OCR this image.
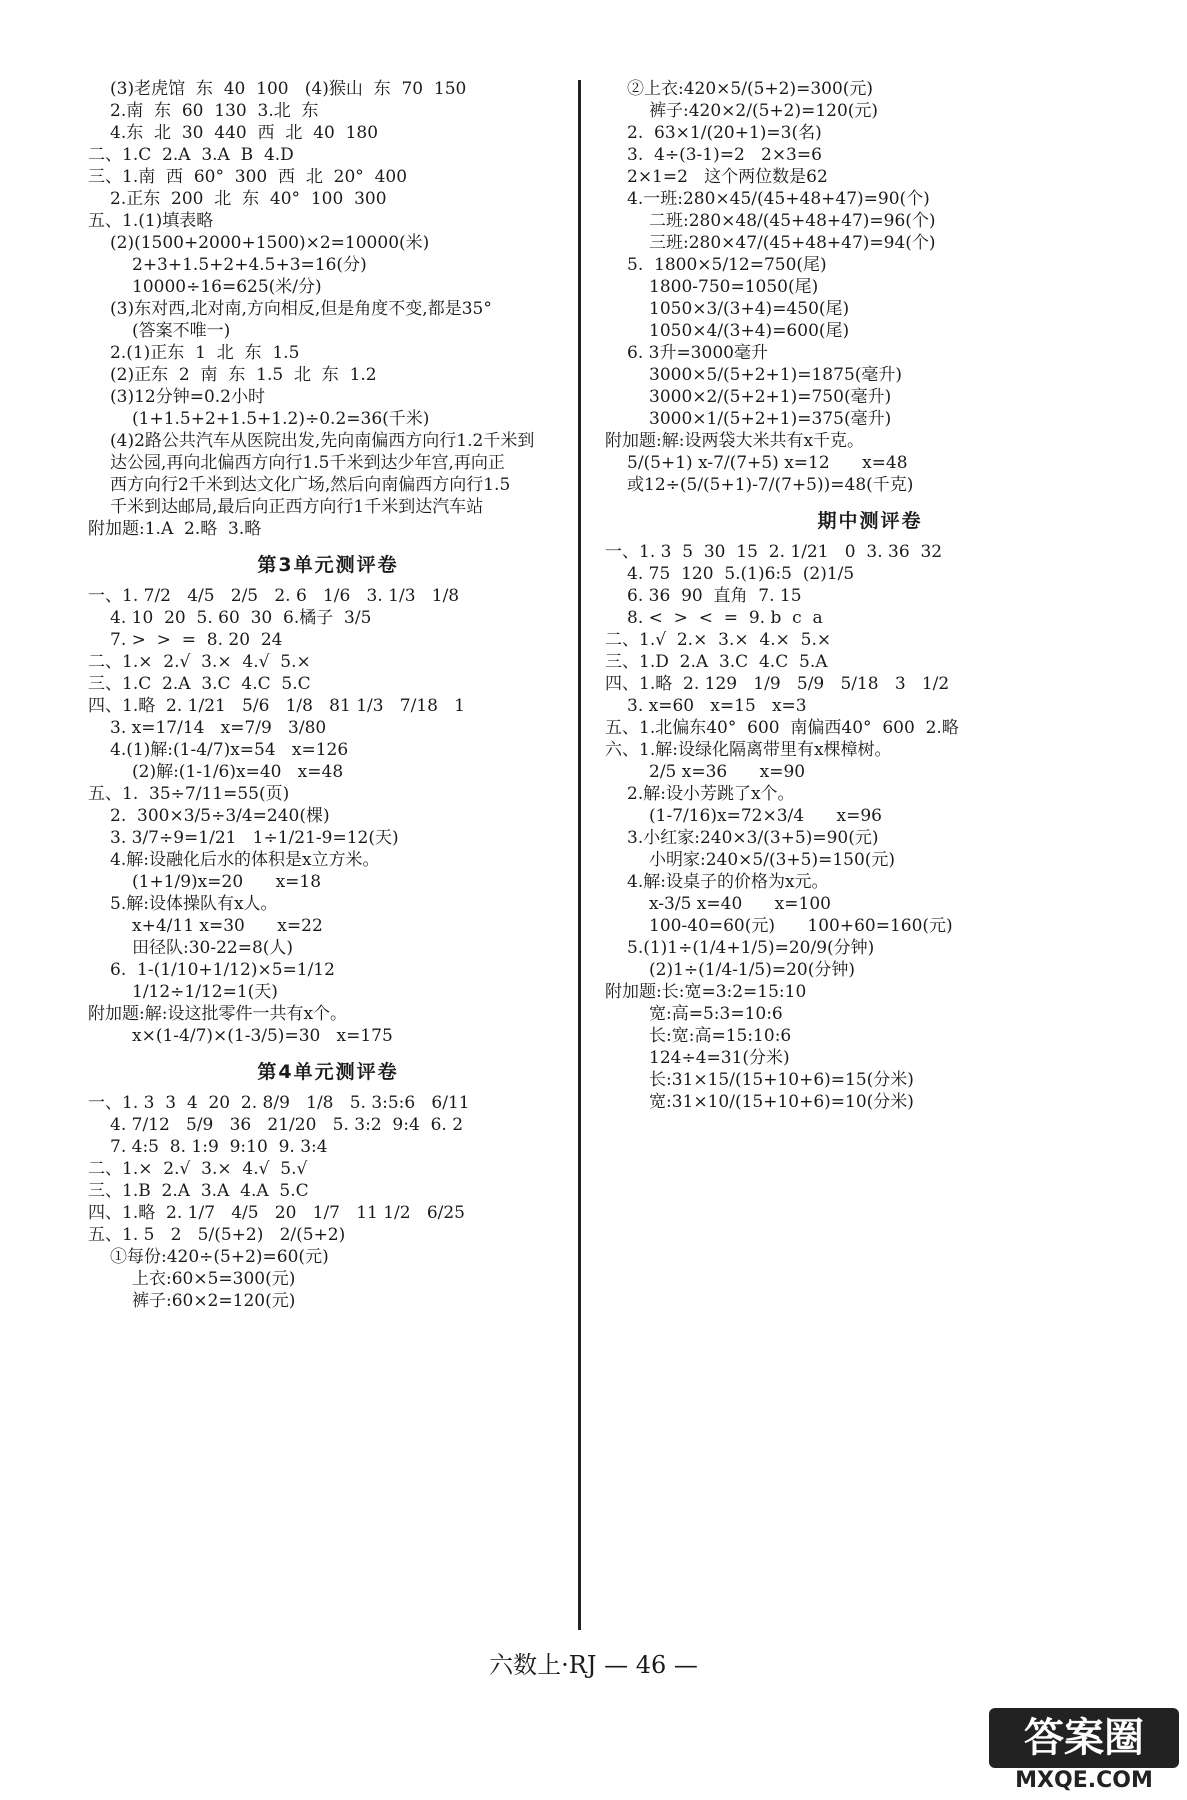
(3)老虎馆  东  40  100   (4)猴山  东  70  150
2.南  东  60  130  3.北  东
4.东  北  30  440  西  北  40  180
二、1.C  2.A  3.A  B  4.D
三、1.南  西  60°  300  西  北  20°  400
2.正东  200  北  东  40°  100  300
五、1.(1)填表略
(2)(1500+2000+1500)×2=10000(米)
2+3+1.5+2+4.5+3=16(分)
10000÷16=625(米/分)
(3)东对西,北对南,方向相反,但是角度不变,都是35°
(答案不唯一)
2.(1)正东  1  北  东  1.5
(2)正东  2  南  东  1.5  北  东  1.2
(3)12分钟=0.2小时
(1+1.5+2+1.5+1.2)÷0.2=36(千米)
(4)2路公共汽车从医院出发,先向南偏西方向行1.2千米到
达公园,再向北偏西方向行1.5千米到达少年宫,再向正
西方向行2千米到达文化广场,然后向南偏西方向行1.5
千米到达邮局,最后向正西方向行1千米到达汽车站
附加题:1.A  2.略  3.略
第3单元测评卷
一、1. 7/2   4/5   2/5   2. 6   1/6   3. 1/3   1/8
4. 10  20  5. 60  30  6.橘子  3/5
7. >  >  =  8. 20  24
二、1.×  2.√  3.×  4.√  5.×
三、1.C  2.A  3.C  4.C  5.C
四、1.略  2. 1/21   5/6   1/8   81 1/3   7/18   1
3. x=17/14   x=7/9   3/80
4.(1)解:(1-4/7)x=54   x=126
(2)解:(1-1/6)x=40   x=48
五、1.  35÷7/11=55(页)
2.  300×3/5÷3/4=240(棵)
3. 3/7÷9=1/21   1÷1/21-9=12(天)
4.解:设融化后水的体积是x立方米。
(1+1/9)x=20      x=18
5.解:设体操队有x人。
x+4/11 x=30      x=22
田径队:30-22=8(人)
6.  1-(1/10+1/12)×5=1/12
1/12÷1/12=1(天)
附加题:解:设这批零件一共有x个。
x×(1-4/7)×(1-3/5)=30   x=175
第4单元测评卷
一、1. 3  3  4  20  2. 8/9   1/8   5. 3:5:6   6/11
4. 7/12   5/9   36   21/20   5. 3:2  9:4  6. 2
7. 4:5  8. 1:9  9:10  9. 3:4
二、1.×  2.√  3.×  4.√  5.√
三、1.B  2.A  3.A  4.A  5.C
四、1.略  2. 1/7   4/5   20   1/7   11 1/2   6/25
五、1. 5   2   5/(5+2)   2/(5+2)
①每份:420÷(5+2)=60(元)
上衣:60×5=300(元)
裤子:60×2=120(元)
②上衣:420×5/(5+2)=300(元)
裤子:420×2/(5+2)=120(元)
2.  63×1/(20+1)=3(名)
3.  4÷(3-1)=2   2×3=6
2×1=2   这个两位数是62
4.一班:280×45/(45+48+47)=90(个)
二班:280×48/(45+48+47)=96(个)
三班:280×47/(45+48+47)=94(个)
5.  1800×5/12=750(尾)
1800-750=1050(尾)
1050×3/(3+4)=450(尾)
1050×4/(3+4)=600(尾)
6. 3升=3000毫升
3000×5/(5+2+1)=1875(毫升)
3000×2/(5+2+1)=750(毫升)
3000×1/(5+2+1)=375(毫升)
附加题:解:设两袋大米共有x千克。
5/(5+1) x-7/(7+5) x=12      x=48
或12÷(5/(5+1)-7/(7+5))=48(千克)
期中测评卷
一、1. 3  5  30  15  2. 1/21   0  3. 36  32
4. 75  120  5.(1)6:5  (2)1/5
6. 36  90  直角  7. 15
8. <  >  <  =  9. b  c  a
二、1.√  2.×  3.×  4.×  5.×
三、1.D  2.A  3.C  4.C  5.A
四、1.略  2. 129   1/9   5/9   5/18   3   1/2
3. x=60   x=15   x=3
五、1.北偏东40°  600  南偏西40°  600  2.略
六、1.解:设绿化隔离带里有x棵樟树。
2/5 x=36      x=90
2.解:设小芳跳了x个。
(1-7/16)x=72×3/4      x=96
3.小红家:240×3/(3+5)=90(元)
小明家:240×5/(3+5)=150(元)
4.解:设桌子的价格为x元。
x-3/5 x=40      x=100
100-40=60(元)      100+60=160(元)
5.(1)1÷(1/4+1/5)=20/9(分钟)
(2)1÷(1/4-1/5)=20(分钟)
附加题:长:宽=3:2=15:10
宽:高=5:3=10:6
长:宽:高=15:10:6
124÷4=31(分米)
长:31×15/(15+10+6)=15(分米)
宽:31×10/(15+10+6)=10(分米)
六数上·RJ — 46 —
答案圈
MXQE.COM
